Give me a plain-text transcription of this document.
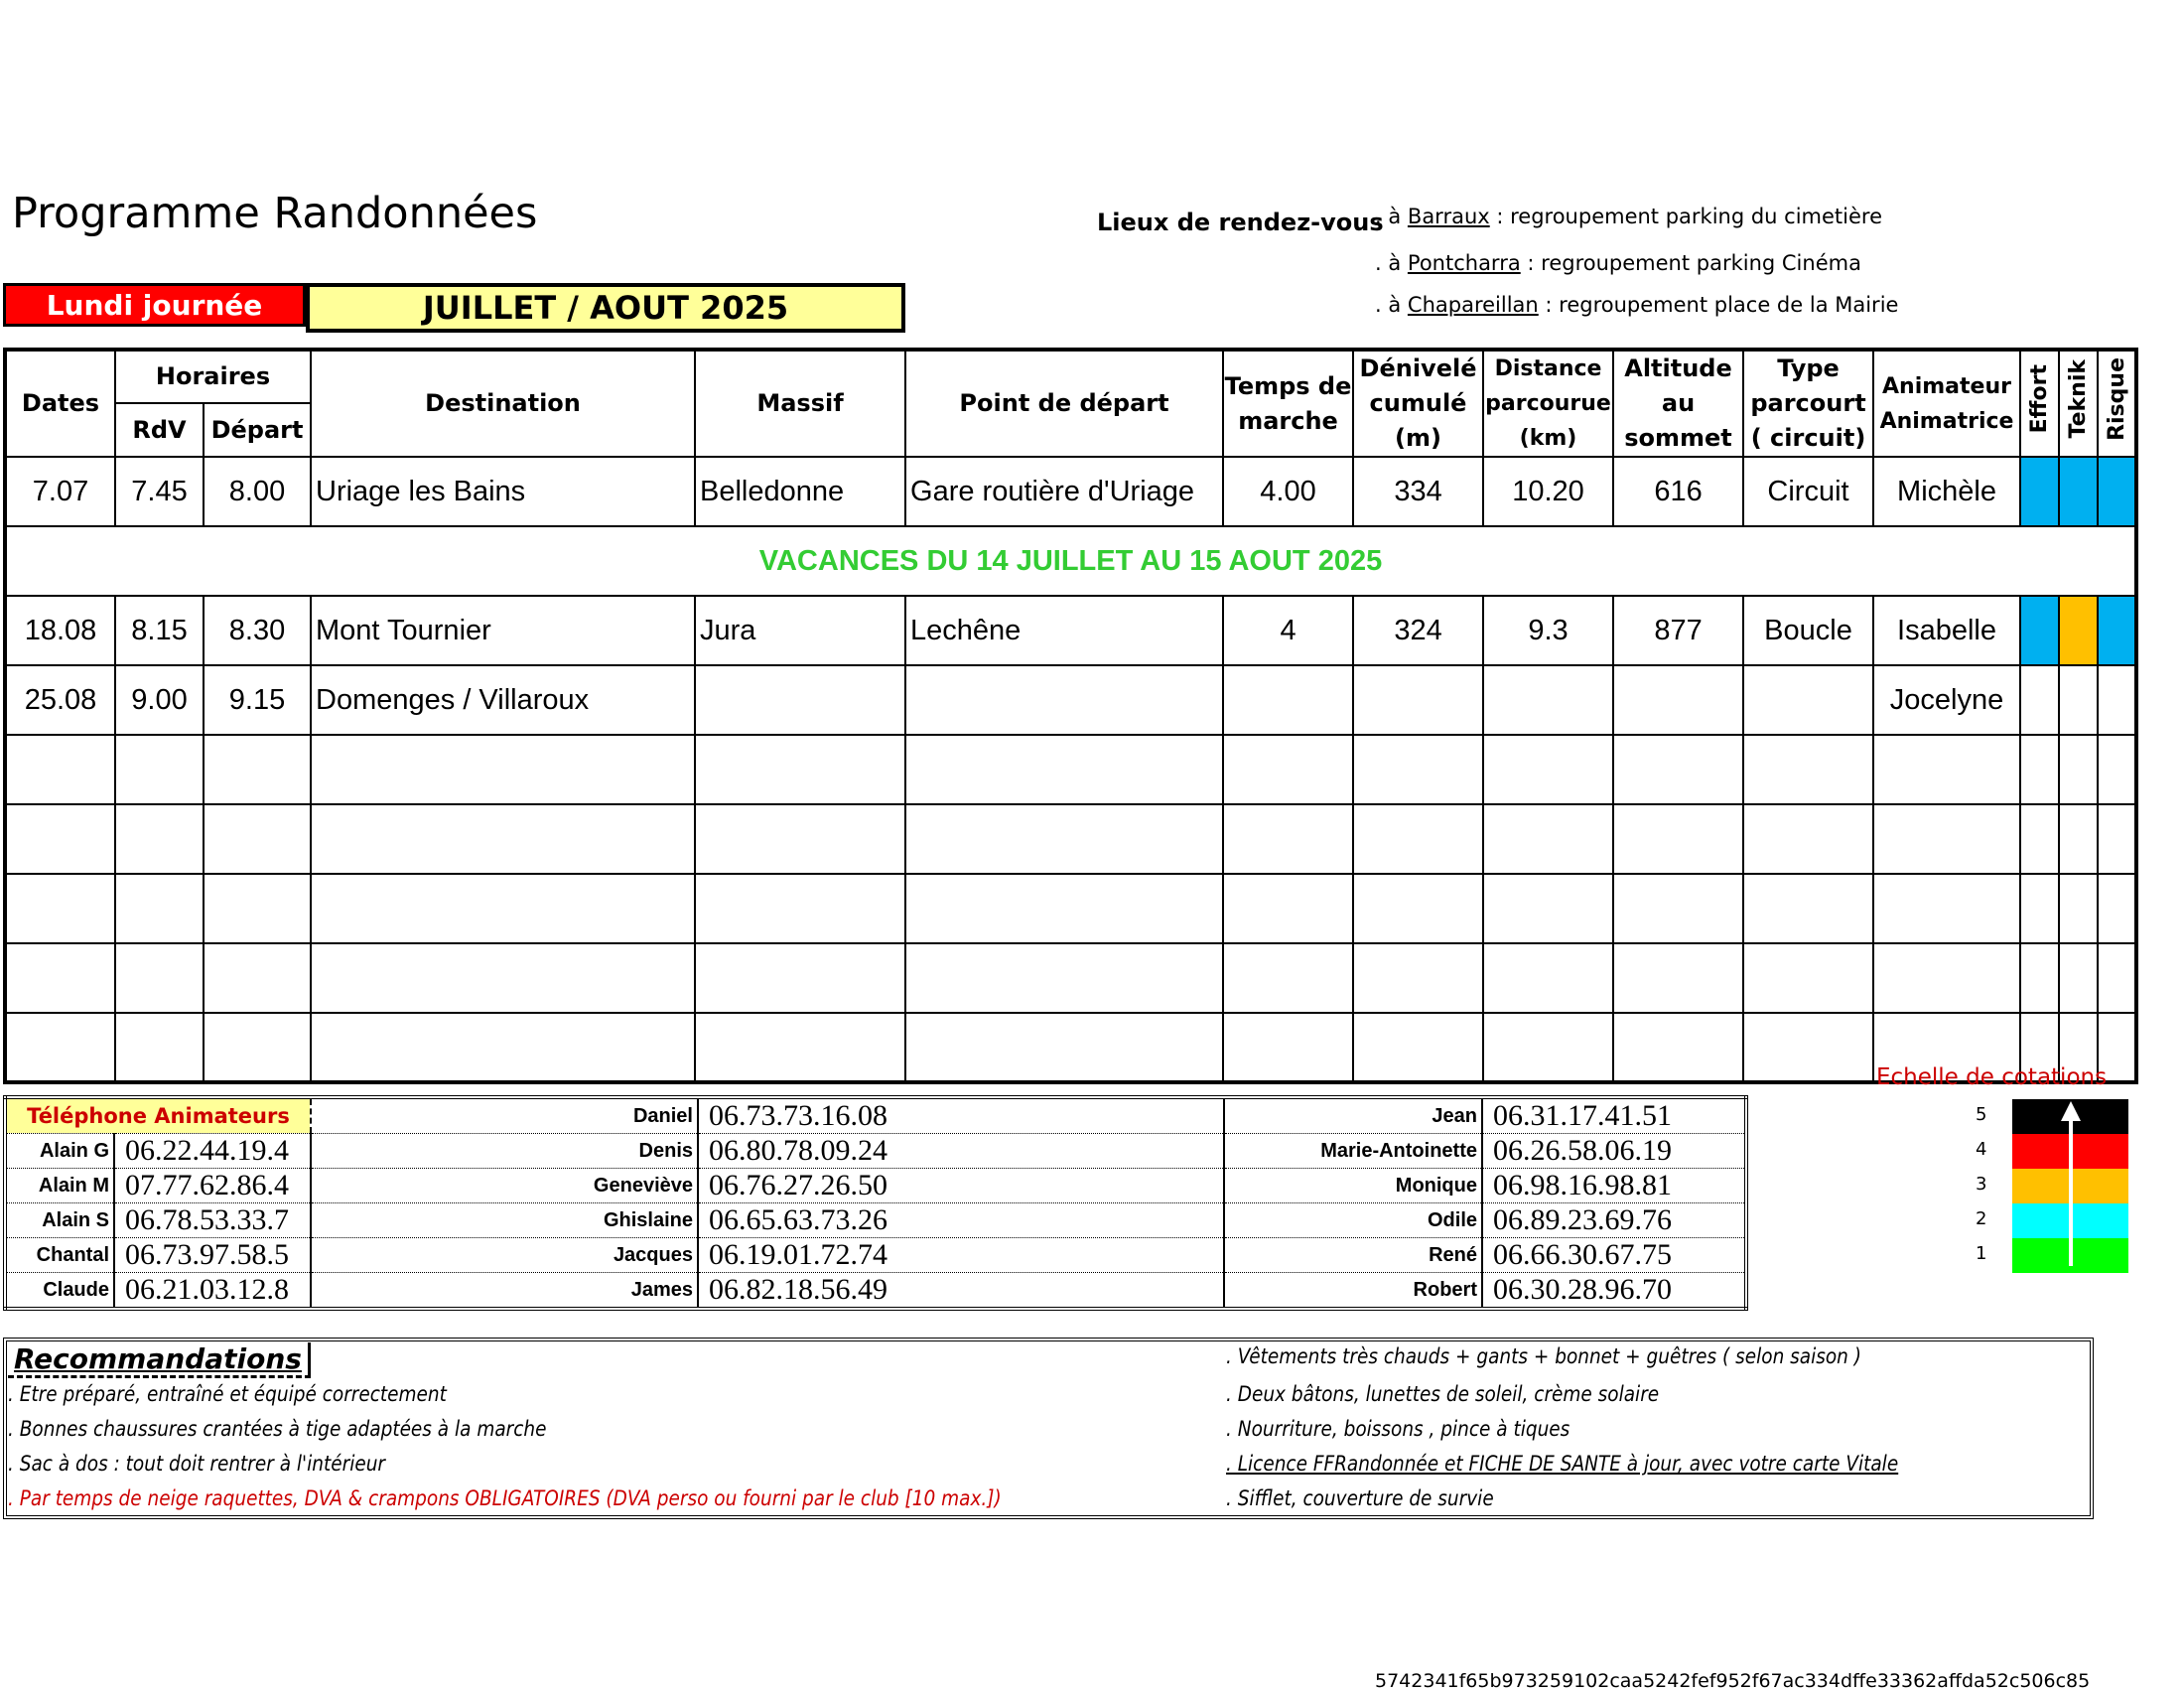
Programme Randonnées	Lieux de rendez-vous
. à Barraux : regroupement parking du cimetière
. à Pontcharra : regroupement parking Cinéma
. à Chapareillan : regroupement place de la Mairie
Lundi journée	JUILLET / AOUT 2025
Dates	Horaires		Destination	Massif	Point de départ	Temps de marche	Dénivelé cumulé (m)	Distance parcourue (km)	Altitude au sommet	Type parcourt ( circuit)	Animateur Animatrice	Effort	Teknik	Risque
	RdV	Départ												
7.07	7.45	8.00	Uriage les Bains	Belledonne	Gare routière d'Uriage	4.00	334	10.20	616	Circuit	Michèle			
VACANCES DU 14 JUILLET AU 15 AOUT 2025														
18.08	8.15	8.30	Mont Tournier	Jura	Lechêne	4	324	9.3	877	Boucle	Isabelle			
25.08	9.00	9.15	Domenges / Villaroux								Jocelyne			

Téléphone Animateurs		Daniel	06.73.73.16.08	Jean	06.31.17.41.51
Alain G	06.22.44.19.4	Denis	06.80.78.09.24	Marie-Antoinette	06.26.58.06.19
Alain M	07.77.62.86.4	Geneviève	06.76.27.26.50	Monique	06.98.16.98.81
Alain S	06.78.53.33.7	Ghislaine	06.65.63.73.26	Odile	06.89.23.69.76
Chantal	06.73.97.58.5	Jacques	06.19.01.72.74	René	06.66.30.67.75
Claude	06.21.03.12.8	James	06.82.18.56.49	Robert	06.30.28.96.70
Echelle de cotations
5
4
3
2
1
Recommandations
. Etre préparé, entraîné et équipé correctement
. Bonnes chaussures crantées à tige adaptées à la marche
. Sac à dos : tout doit rentrer à l'intérieur
. Par temps de neige raquettes, DVA & crampons OBLIGATOIRES (DVA perso ou fourni par le club [10 max.])
. Vêtements très chauds + gants + bonnet + guêtres ( selon saison )
. Deux bâtons, lunettes de soleil, crème solaire
. Nourriture, boissons , pince à tiques
. Licence FFRandonnée et FICHE DE SANTE à jour, avec votre carte Vitale
. Sifflet, couverture de survie
5742341f65b973259102caa5242fef952f67ac334dffe33362affda52c506c85
